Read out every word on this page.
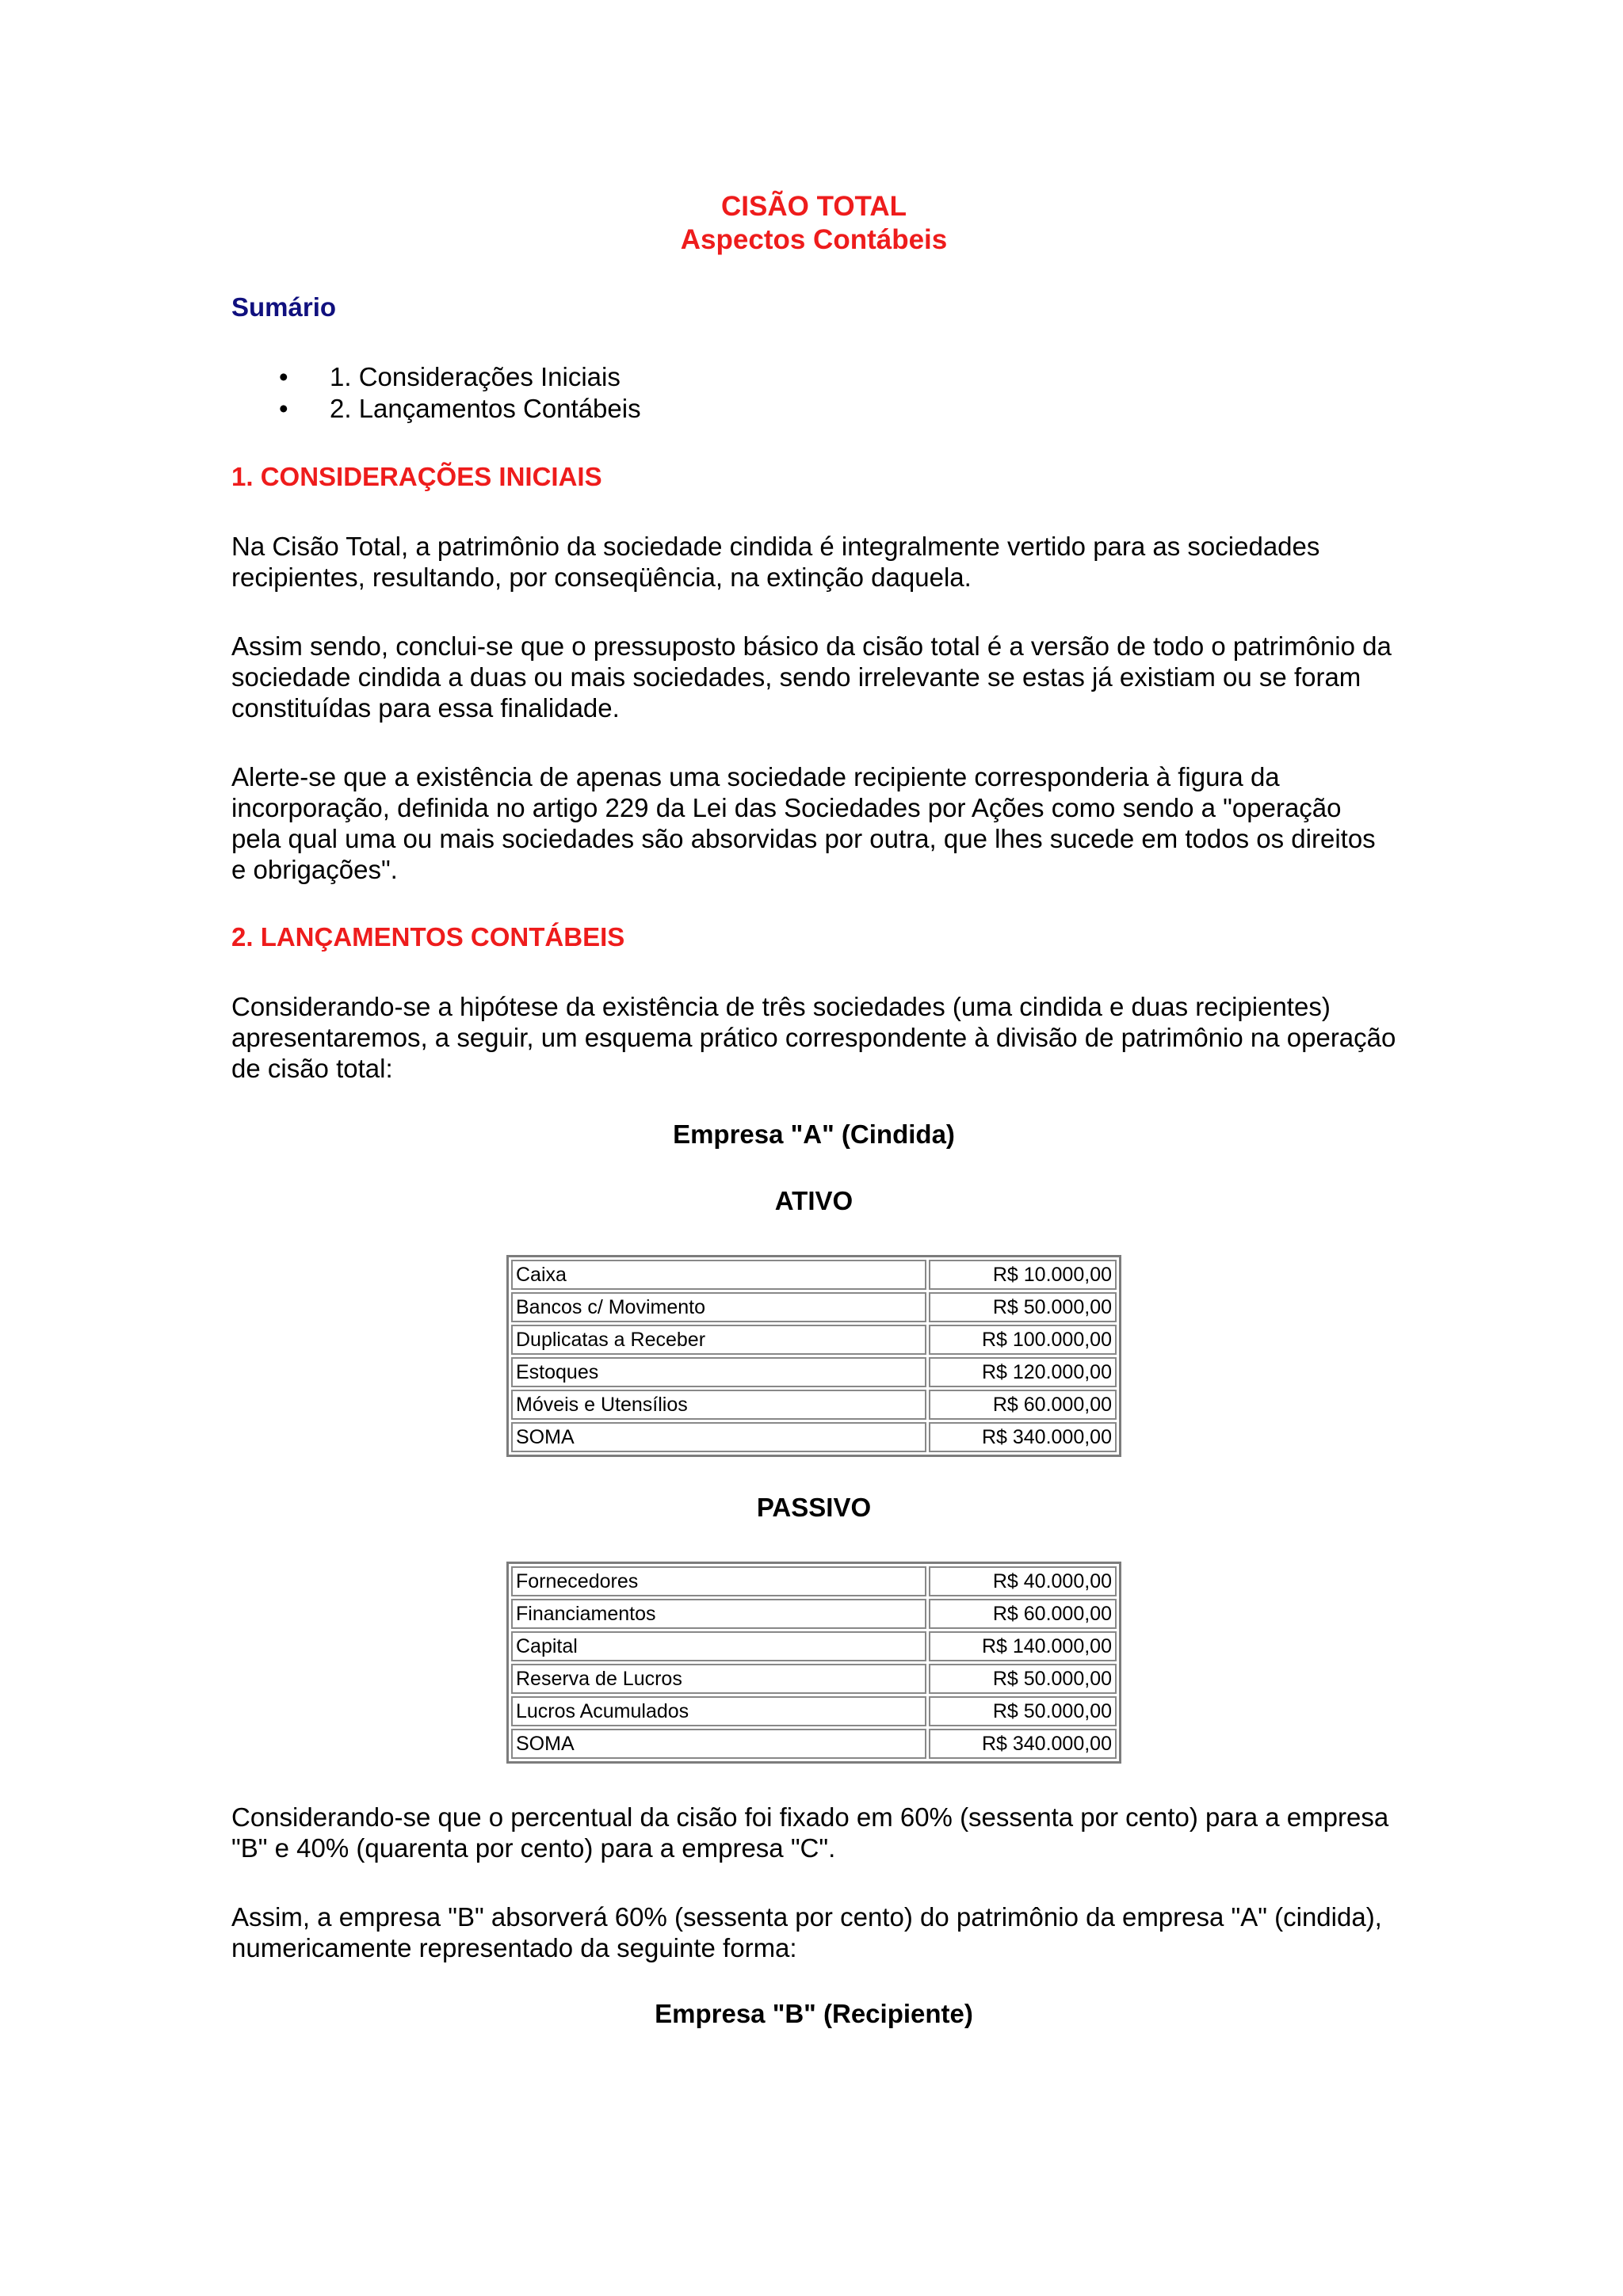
CISÃO TOTAL

Aspectos Contábeis

Sumário

• 1. Considerações Iniciais
• 2. Lançamentos Contábeis

1. CONSIDERAÇÕES INICIAIS

Na Cisão Total, a patrimônio da sociedade cindida é integralmente vertido para as sociedades recipientes, resultando, por conseqüência, na extinção daquela.

Assim sendo, conclui-se que o pressuposto básico da cisão total é a versão de todo o patrimônio da sociedade cindida a duas ou mais sociedades, sendo irrelevante se estas já existiam ou se foram constituídas para essa finalidade.

Alerte-se que a existência de apenas uma sociedade recipiente corresponderia à figura da incorporação, definida no artigo 229 da Lei das Sociedades por Ações como sendo a "operação pela qual uma ou mais sociedades são absorvidas por outra, que lhes sucede em todos os direitos e obrigações".

2. LANÇAMENTOS CONTÁBEIS

Considerando-se a hipótese da existência de três sociedades (uma cindida e duas recipientes) apresentaremos, a seguir, um esquema prático correspondente à divisão de patrimônio na operação de cisão total:

Empresa "A" (Cindida)

ATIVO

Caixa	R$ 10.000,00
Bancos c/ Movimento	R$ 50.000,00
Duplicatas a Receber	R$ 100.000,00
Estoques	R$ 120.000,00
Móveis e Utensílios	R$ 60.000,00
SOMA	R$ 340.000,00

PASSIVO

Fornecedores	R$ 40.000,00
Financiamentos	R$ 60.000,00
Capital	R$ 140.000,00
Reserva de Lucros	R$ 50.000,00
Lucros Acumulados	R$ 50.000,00
SOMA	R$ 340.000,00

Considerando-se que o percentual da cisão foi fixado em 60% (sessenta por cento) para a empresa "B" e 40% (quarenta por cento) para a empresa "C".

Assim, a empresa "B" absorverá 60% (sessenta por cento) do patrimônio da empresa "A" (cindida), numericamente representado da seguinte forma:

Empresa "B" (Recipiente)
